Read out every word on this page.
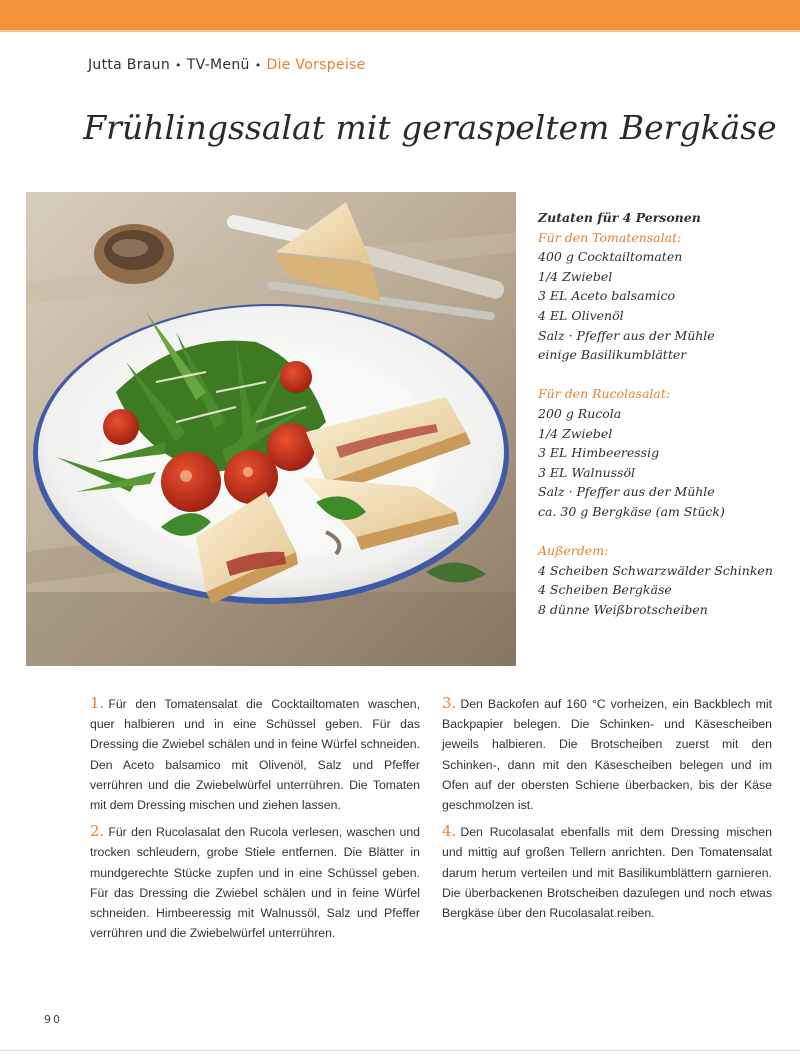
Jutta Braun • TV-Menü • Die Vorspeise
Frühlingssalat mit geraspeltem Bergkäse
Zutaten für 4 Personen
Für den Tomatensalat:
400 g Cocktailtomaten
1/4 Zwiebel
3 EL Aceto balsamico
4 EL Olivenöl
Salz · Pfeffer aus der Mühle
einige Basilikumblätter
Für den Rucolasalat:
200 g Rucola
1/4 Zwiebel
3 EL Himbeeressig
3 EL Walnussöl
Salz · Pfeffer aus der Mühle
ca. 30 g Bergkäse (am Stück)
Außerdem:
4 Scheiben Schwarzwälder Schinken
4 Scheiben Bergkäse
8 dünne Weißbrotscheiben

1. Für den Tomatensalat die Cocktailtomaten waschen, quer halbieren und in eine Schüssel geben. Für das Dressing die Zwiebel schälen und in feine Würfel schneiden. Den Aceto balsamico mit Olivenöl, Salz und Pfeffer verrühren und die Zwiebelwürfel unterrühren. Die Tomaten mit dem Dressing mischen und ziehen lassen.

2. Für den Rucolasalat den Rucola verlesen, waschen und trocken schleudern, grobe Stiele entfernen. Die Blätter in mundgerechte Stücke zupfen und in eine Schüssel geben. Für das Dressing die Zwiebel schälen und in feine Würfel schneiden. Himbeeressig mit Walnussöl, Salz und Pfeffer verrühren und die Zwiebelwürfel unterrühren.

3. Den Backofen auf 160 °C vorheizen, ein Backblech mit Backpapier belegen. Die Schinken- und Käsescheiben jeweils halbieren. Die Brotscheiben zuerst mit den Schinken-, dann mit den Käsescheiben belegen und im Ofen auf der obersten Schiene überbacken, bis der Käse geschmolzen ist.

4. Den Rucolasalat ebenfalls mit dem Dressing mischen und mittig auf großen Tellern anrichten. Den Tomatensalat darum herum verteilen und mit Basilikumblättern garnieren. Die überbackenen Brotscheiben dazulegen und noch etwas Bergkäse über den Rucolasalat reiben.

90
